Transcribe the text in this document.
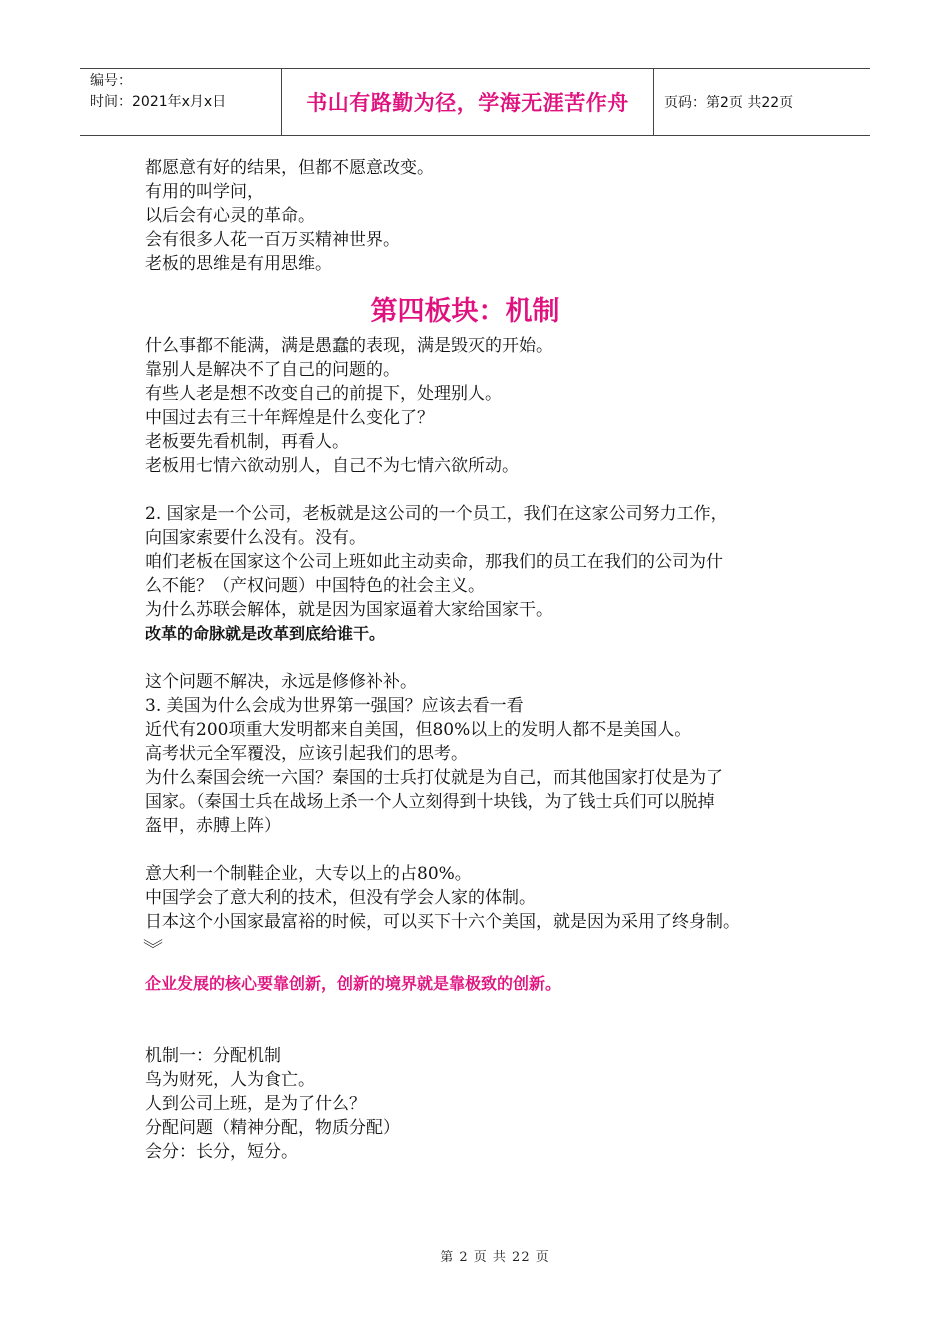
编号：
时间：2021年x月x日	书山有路勤为径，学海无涯苦作舟	页码：第2页 共22页

都愿意有好的结果，但都不愿意改变。

有用的叫学问，

以后会有心灵的革命。

会有很多人花一百万买精神世界。

老板的思维是有用思维。

第四板块：机制

什么事都不能满，满是愚蠢的表现，满是毁灭的开始。

靠别人是解决不了自己的问题的。

有些人老是想不改变自己的前提下，处理别人。

中国过去有三十年辉煌是什么变化了？

老板要先看机制，再看人。

老板用七情六欲动别人，自己不为七情六欲所动。

2. 国家是一个公司，老板就是这公司的一个员工，我们在这家公司努力工作，

向国家索要什么没有。没有。

咱们老板在国家这个公司上班如此主动卖命，那我们的员工在我们的公司为什

么不能？（产权问题）中国特色的社会主义。

为什么苏联会解体，就是因为国家逼着大家给国家干。

改革的命脉就是改革到底给谁干。

这个问题不解决，永远是修修补补。

3. 美国为什么会成为世界第一强国？应该去看一看

近代有200项重大发明都来自美国，但80%以上的发明人都不是美国人。

高考状元全军覆没，应该引起我们的思考。

为什么秦国会统一六国？秦国的士兵打仗就是为自己，而其他国家打仗是为了

国家。（秦国士兵在战场上杀一个人立刻得到十块钱，为了钱士兵们可以脱掉

盔甲，赤膊上阵）

意大利一个制鞋企业，大专以上的占80%。

中国学会了意大利的技术，但没有学会人家的体制。

日本这个小国家最富裕的时候，可以买下十六个美国，就是因为采用了终身制。

︾

企业发展的核心要靠创新，创新的境界就是靠极致的创新。

机制一：分配机制

鸟为财死，人为食亡。

人到公司上班，是为了什么？

分配问题（精神分配，物质分配）

会分：长分，短分。

第 2 页 共 22 页
